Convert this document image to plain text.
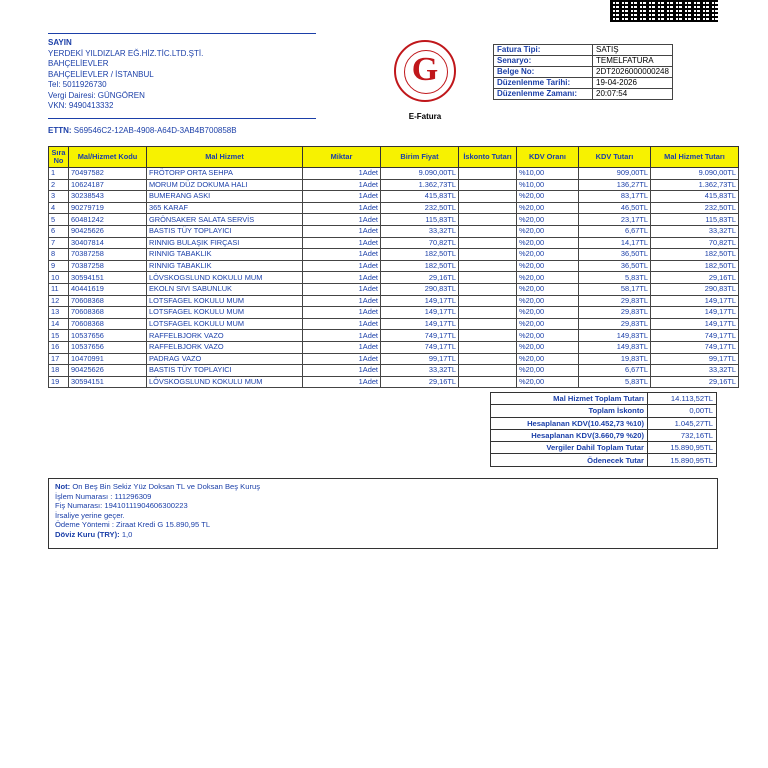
SAYIN
YERDEKİ YILDIZLAR EĞ.HİZ.TİC.LTD.ŞTİ.
BAHÇELİEVLER
BAHÇELİEVLER / İSTANBUL
Tel: 5011926730
Vergi Dairesi: GÜNGÖREN
VKN: 9490413332
G
E-Fatura
Fatura Tipi:	SATIŞ
Senaryo:	TEMELFATURA
Belge No:	2DT2026000000248
Düzenlenme Tarihi:	19-04-2026
Düzenlenme Zamanı:	20:07:54
ETTN: S69546C2-12AB-4908-A64D-3AB4B700858B
Sıra No	Mal/Hizmet Kodu	Mal Hizmet	Miktar	Birim Fiyat	İskonto Tutarı	KDV Oranı	KDV Tutarı	Mal Hizmet Tutarı
1	70497582	FRÖTORP ORTA SEHPA	1Adet	9.090,00TL		%10,00	909,00TL	9.090,00TL
2	10624187	MORUM DÜZ DOKUMA HALI	1Adet	1.362,73TL		%10,00	136,27TL	1.362,73TL
3	30238543	BUMERANG ASKI	1Adet	415,83TL		%20,00	83,17TL	415,83TL
4	90279719	365 KARAF	1Adet	232,50TL		%20,00	46,50TL	232,50TL
5	60481242	GRÖNSAKER SALATA SERVİS	1Adet	115,83TL		%20,00	23,17TL	115,83TL
6	90425626	BASTIS TÜY TOPLAYICI	1Adet	33,32TL		%20,00	6,67TL	33,32TL
7	30407814	RINNIG BULAŞIK FIRÇASI	1Adet	70,82TL		%20,00	14,17TL	70,82TL
8	70387258	RINNIG TABAKLIK	1Adet	182,50TL		%20,00	36,50TL	182,50TL
9	70387258	RINNIG TABAKLIK	1Adet	182,50TL		%20,00	36,50TL	182,50TL
10	30594151	LÖVSKOGSLUND KOKULU MUM	1Adet	29,16TL		%20,00	5,83TL	29,16TL
11	40441619	EKOLN SIVI SABUNLUK	1Adet	290,83TL		%20,00	58,17TL	290,83TL
12	70608368	LOTSFAGEL KOKULU MUM	1Adet	149,17TL		%20,00	29,83TL	149,17TL
13	70608368	LOTSFAGEL KOKULU MUM	1Adet	149,17TL		%20,00	29,83TL	149,17TL
14	70608368	LOTSFAGEL KOKULU MUM	1Adet	149,17TL		%20,00	29,83TL	149,17TL
15	10537656	RAFFELBJORK VAZO	1Adet	749,17TL		%20,00	149,83TL	749,17TL
16	10537656	RAFFELBJORK VAZO	1Adet	749,17TL		%20,00	149,83TL	749,17TL
17	10470991	PADRAG VAZO	1Adet	99,17TL		%20,00	19,83TL	99,17TL
18	90425626	BASTIS TÜY TOPLAYICI	1Adet	33,32TL		%20,00	6,67TL	33,32TL
19	30594151	LÖVSKOGSLUND KOKULU MUM	1Adet	29,16TL		%20,00	5,83TL	29,16TL
Mal Hizmet Toplam Tutarı	14.113,52TL
Toplam İskonto	0,00TL
Hesaplanan KDV(10.452,73 %10)	1.045,27TL
Hesaplanan KDV(3.660,79 %20)	732,16TL
Vergiler Dahil Toplam Tutar	15.890,95TL
Ödenecek Tutar	15.890,95TL
Not: On Beş Bin Sekiz Yüz Doksan TL ve Doksan Beş Kuruş
İşlem Numarası : 111296309
Fiş Numarası: 19410111904606300223
İrsaliye yerine geçer.
Ödeme Yöntemi : Ziraat Kredi G 15.890,95 TL
Döviz Kuru (TRY): 1,0
